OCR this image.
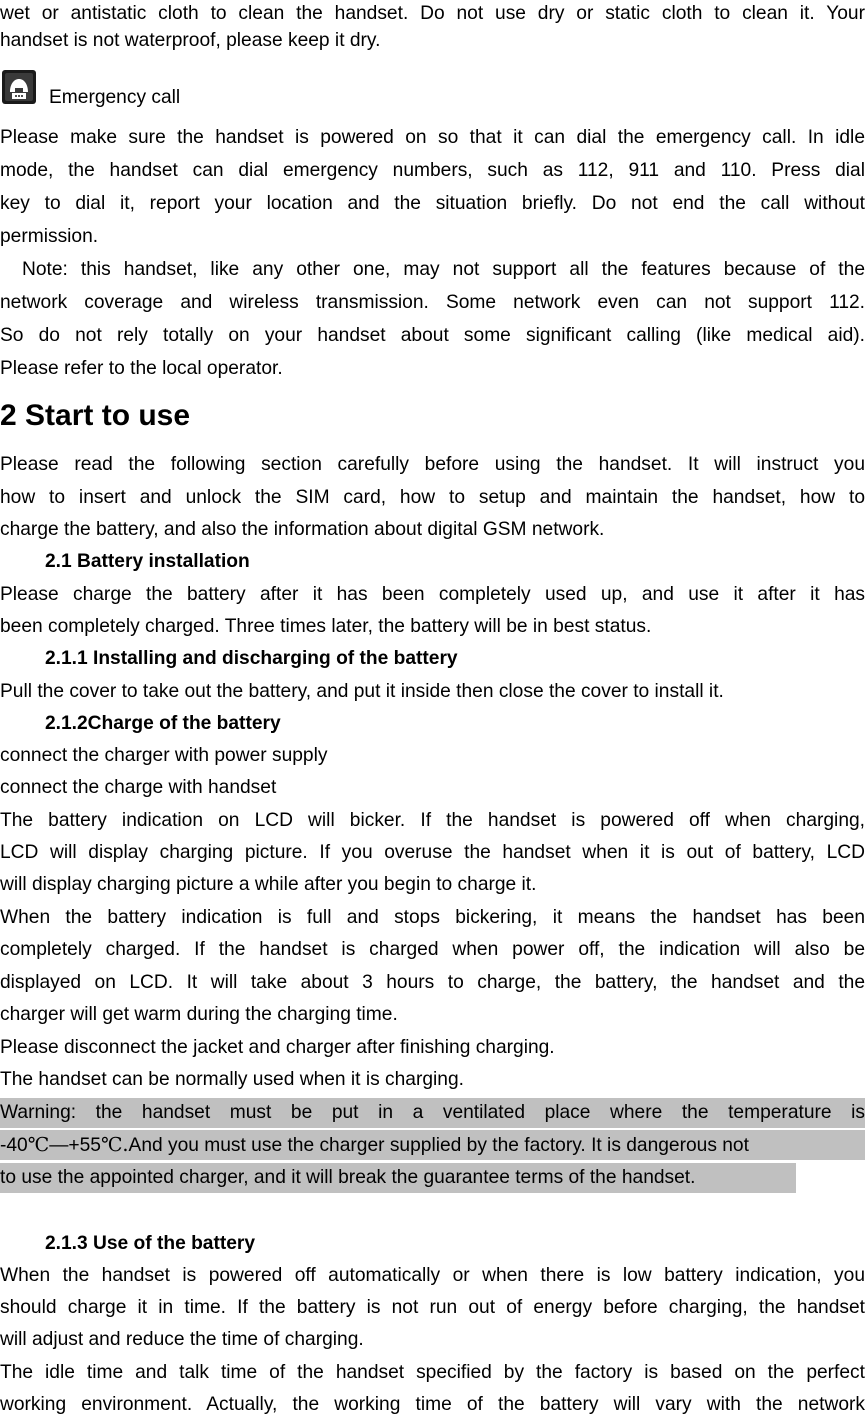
wet or antistatic cloth to clean the handset. Do not use dry or static cloth to clean it. Your
handset is not waterproof, please keep it dry.
Emergency call
Please make sure the handset is powered on so that it can dial the emergency call. In idle
mode, the handset can dial emergency numbers, such as 112, 911 and 110. Press dial
key to dial it, report your location and the situation briefly. Do not end the call without
permission.
Note: this handset, like any other one, may not support all the features because of the
network coverage and wireless transmission. Some network even can not support 112.
So do not rely totally on your handset about some significant calling (like medical aid).
Please refer to the local operator.
2 Start to use
Please read the following section carefully before using the handset. It will instruct you
how to insert and unlock the SIM card, how to setup and maintain the handset, how to
charge the battery, and also the information about digital GSM network.
2.1 Battery installation
Please charge the battery after it has been completely used up, and use it after it has
been completely charged. Three times later, the battery will be in best status.
2.1.1 Installing and discharging of the battery
Pull the cover to take out the battery, and put it inside then close the cover to install it.
2.1.2Charge of the battery
connect the charger with power supply
connect the charge with handset
The battery indication on LCD will bicker. If the handset is powered off when charging,
LCD will display charging picture. If you overuse the handset when it is out of battery, LCD
will display charging picture a while after you begin to charge it.
When the battery indication is full and stops bickering, it means the handset has been
completely charged. If the handset is charged when power off, the indication will also be
displayed on LCD. It will take about 3 hours to charge, the battery, the handset and the
charger will get warm during the charging time.
Please disconnect the jacket and charger after finishing charging.
The handset can be normally used when it is charging.
Warning: the handset must be put in a ventilated place where the temperature is
-40℃—+55℃.And you must use the charger supplied by the factory. It is dangerous not
to use the appointed charger, and it will break the guarantee terms of the handset.
2.1.3 Use of the battery
When the handset is powered off automatically or when there is low battery indication, you
should charge it in time. If the battery is not run out of energy before charging, the handset
will adjust and reduce the time of charging.
The idle time and talk time of the handset specified by the factory is based on the perfect
working environment. Actually, the working time of the battery will vary with the network
